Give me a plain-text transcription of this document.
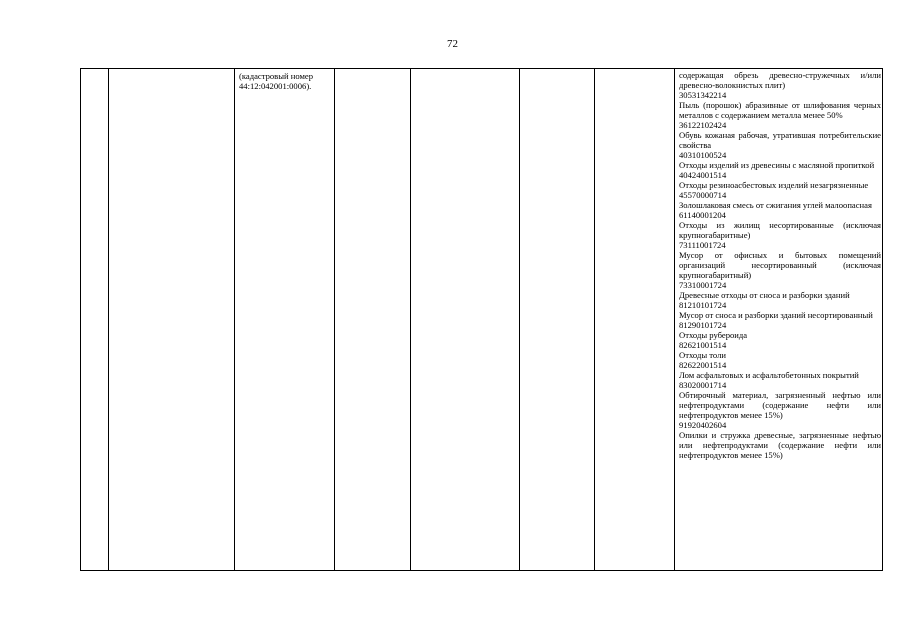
72
(кадастровый номер
44:12:042001:0006).
содержащая обрезь древесно-стружечных и/или древесно-волокнистых плит)
30531342214
Пыль (порошок) абразивные от шлифования черных металлов с содержанием металла менее 50%
36122102424
Обувь кожаная рабочая, утратившая потребительские свойства
40310100524
Отходы изделий из древесины с масляной пропиткой
40424001514
Отходы резиноасбестовых изделий незагрязненные
45570000714
Золошлаковая смесь от сжигания углей малоопасная
61140001204
Отходы из жилищ несортированные (исключая крупногабаритные)
73111001724
Мусор от офисных и бытовых помещений организаций несортированный (исключая крупногабаритный)
73310001724
Древесные отходы от сноса и разборки зданий
81210101724
Мусор от сноса и разборки зданий несортированный
81290101724
Отходы рубероида
82621001514
Отходы толи
82622001514
Лом асфальтовых и асфальтобетонных покрытий
83020001714
Обтирочный материал, загрязненный нефтью или нефтепродуктами (содержание нефти или нефтепродуктов менее 15%)
91920402604
Опилки и стружка древесные, загрязненные нефтью или нефтепродуктами (содержание нефти или нефтепродуктов менее 15%)
